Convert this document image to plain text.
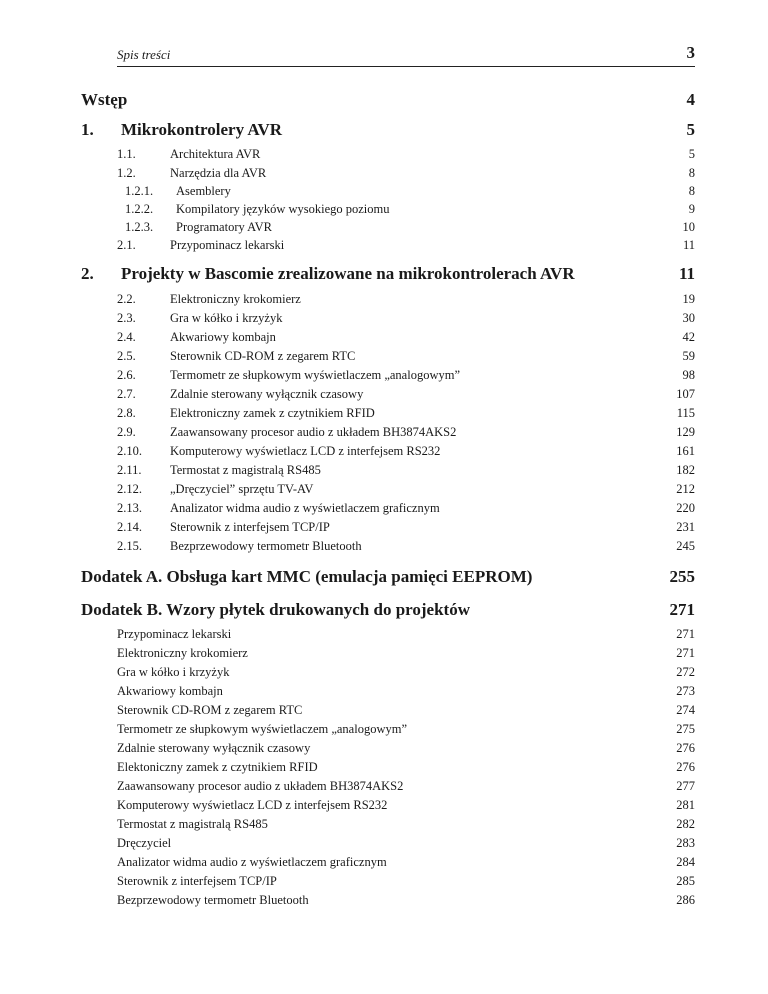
Spis treści	3
Wstęp .....	4
1.	Mikrokontrolery AVR .....	5
1.1.	Architektura AVR .....	5
1.2.	Narzędzia dla AVR .....	8
1.2.1.	Asemblery .....	8
1.2.2.	Kompilatory języków wysokiego poziomu .....	9
1.2.3.	Programatory AVR .....	10
2.1.	Przypominacz lekarski .....	11
2.	Projekty w Bascomie zrealizowane na mikrokontrolerach AVR .....	11
2.2.	Elektroniczny krokomierz .....	19
2.3.	Gra w kółko i krzyżyk .....	30
2.4.	Akwariowy kombajn .....	42
2.5.	Sterownik CD-ROM z zegarem RTC .....	59
2.6.	Termometr ze słupkowym wyświetlaczem „analogowym” .....	98
2.7.	Zdalnie sterowany wyłącznik czasowy .....	107
2.8.	Elektroniczny zamek z czytnikiem RFID .....	115
2.9.	Zaawansowany procesor audio z układem BH3874AKS2 .....	129
2.10.	Komputerowy wyświetlacz LCD z interfejsem RS232 .....	161
2.11.	Termostat z magistralą RS485 .....	182
2.12.	„Dręczyciel” sprzętu TV-AV .....	212
2.13.	Analizator widma audio z wyświetlaczem graficznym .....	220
2.14.	Sterownik z interfejsem TCP/IP .....	231
2.15.	Bezprzewodowy termometr Bluetooth .....	245
Dodatek A. Obsługa kart MMC (emulacja pamięci EEPROM) .....	255
Dodatek B. Wzory płytek drukowanych do projektów .....	271
Przypominacz lekarski .....	271
Elektroniczny krokomierz .....	271
Gra w kółko i krzyżyk .....	272
Akwariowy kombajn .....	273
Sterownik CD-ROM z zegarem RTC .....	274
Termometr ze słupkowym wyświetlaczem „analogowym” .....	275
Zdalnie sterowany wyłącznik czasowy .....	276
Elektoniczny zamek z czytnikiem RFID .....	276
Zaawansowany procesor audio z układem BH3874AKS2 .....	277
Komputerowy wyświetlacz LCD z interfejsem RS232 .....	281
Termostat z magistralą RS485 .....	282
Dręczyciel .....	283
Analizator widma audio z wyświetlaczem graficznym .....	284
Sterownik z interfejsem TCP/IP .....	285
Bezprzewodowy termometr Bluetooth .....	286
